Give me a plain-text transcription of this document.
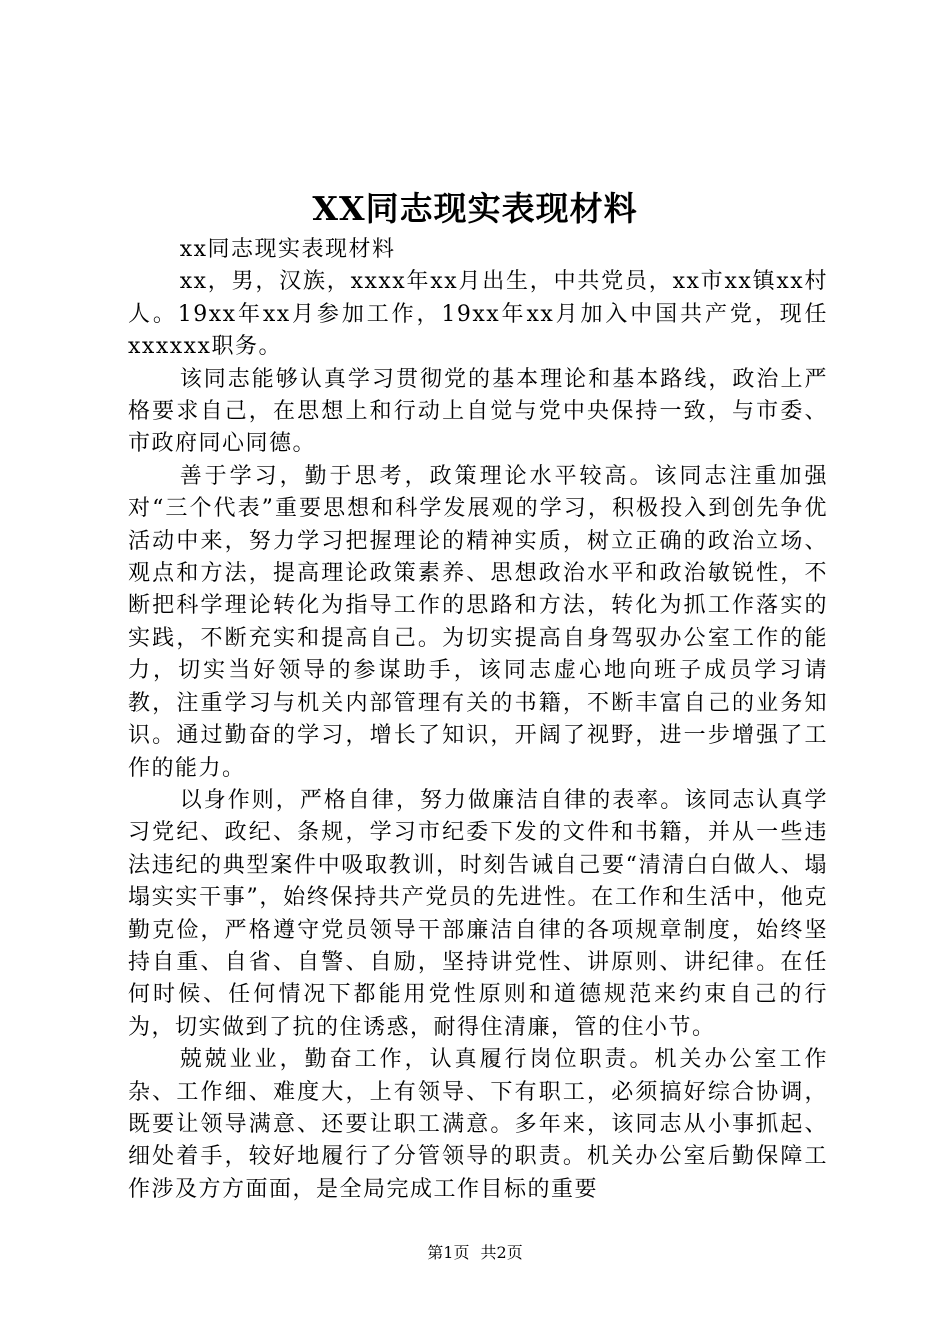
XX同志现实表现材料

xx同志现实表现材料

xx，男，汉族，xxxx年xx月出生，中共党员，xx市xx镇xx村人。19xx年xx月参加工作，19xx年xx月加入中国共产党，现任xxxxxx职务。

该同志能够认真学习贯彻党的基本理论和基本路线，政治上严格要求自己，在思想上和行动上自觉与党中央保持一致，与市委、市政府同心同德。

善于学习，勤于思考，政策理论水平较高。该同志注重加强对“三个代表”重要思想和科学发展观的学习，积极投入到创先争优活动中来，努力学习把握理论的精神实质，树立正确的政治立场、观点和方法，提高理论政策素养、思想政治水平和政治敏锐性，不断把科学理论转化为指导工作的思路和方法，转化为抓工作落实的实践，不断充实和提高自己。为切实提高自身驾驭办公室工作的能力，切实当好领导的参谋助手，该同志虚心地向班子成员学习请教，注重学习与机关内部管理有关的书籍，不断丰富自己的业务知识。通过勤奋的学习，增长了知识，开阔了视野，进一步增强了工作的能力。

以身作则，严格自律，努力做廉洁自律的表率。该同志认真学习党纪、政纪、条规，学习市纪委下发的文件和书籍，并从一些违法违纪的典型案件中吸取教训，时刻告诫自己要“清清白白做人、塌塌实实干事”，始终保持共产党员的先进性。在工作和生活中，他克勤克俭，严格遵守党员领导干部廉洁自律的各项规章制度，始终坚持自重、自省、自警、自励，坚持讲党性、讲原则、讲纪律。在任何时候、任何情况下都能用党性原则和道德规范来约束自己的行为，切实做到了抗的住诱惑，耐得住清廉，管的住小节。

兢兢业业，勤奋工作，认真履行岗位职责。机关办公室工作杂、工作细、难度大，上有领导、下有职工，必须搞好综合协调，既要让领导满意、还要让职工满意。多年来，该同志从小事抓起、细处着手，较好地履行了分管领导的职责。机关办公室后勤保障工作涉及方方面面，是全局完成工作目标的重要

第1页 共2页
